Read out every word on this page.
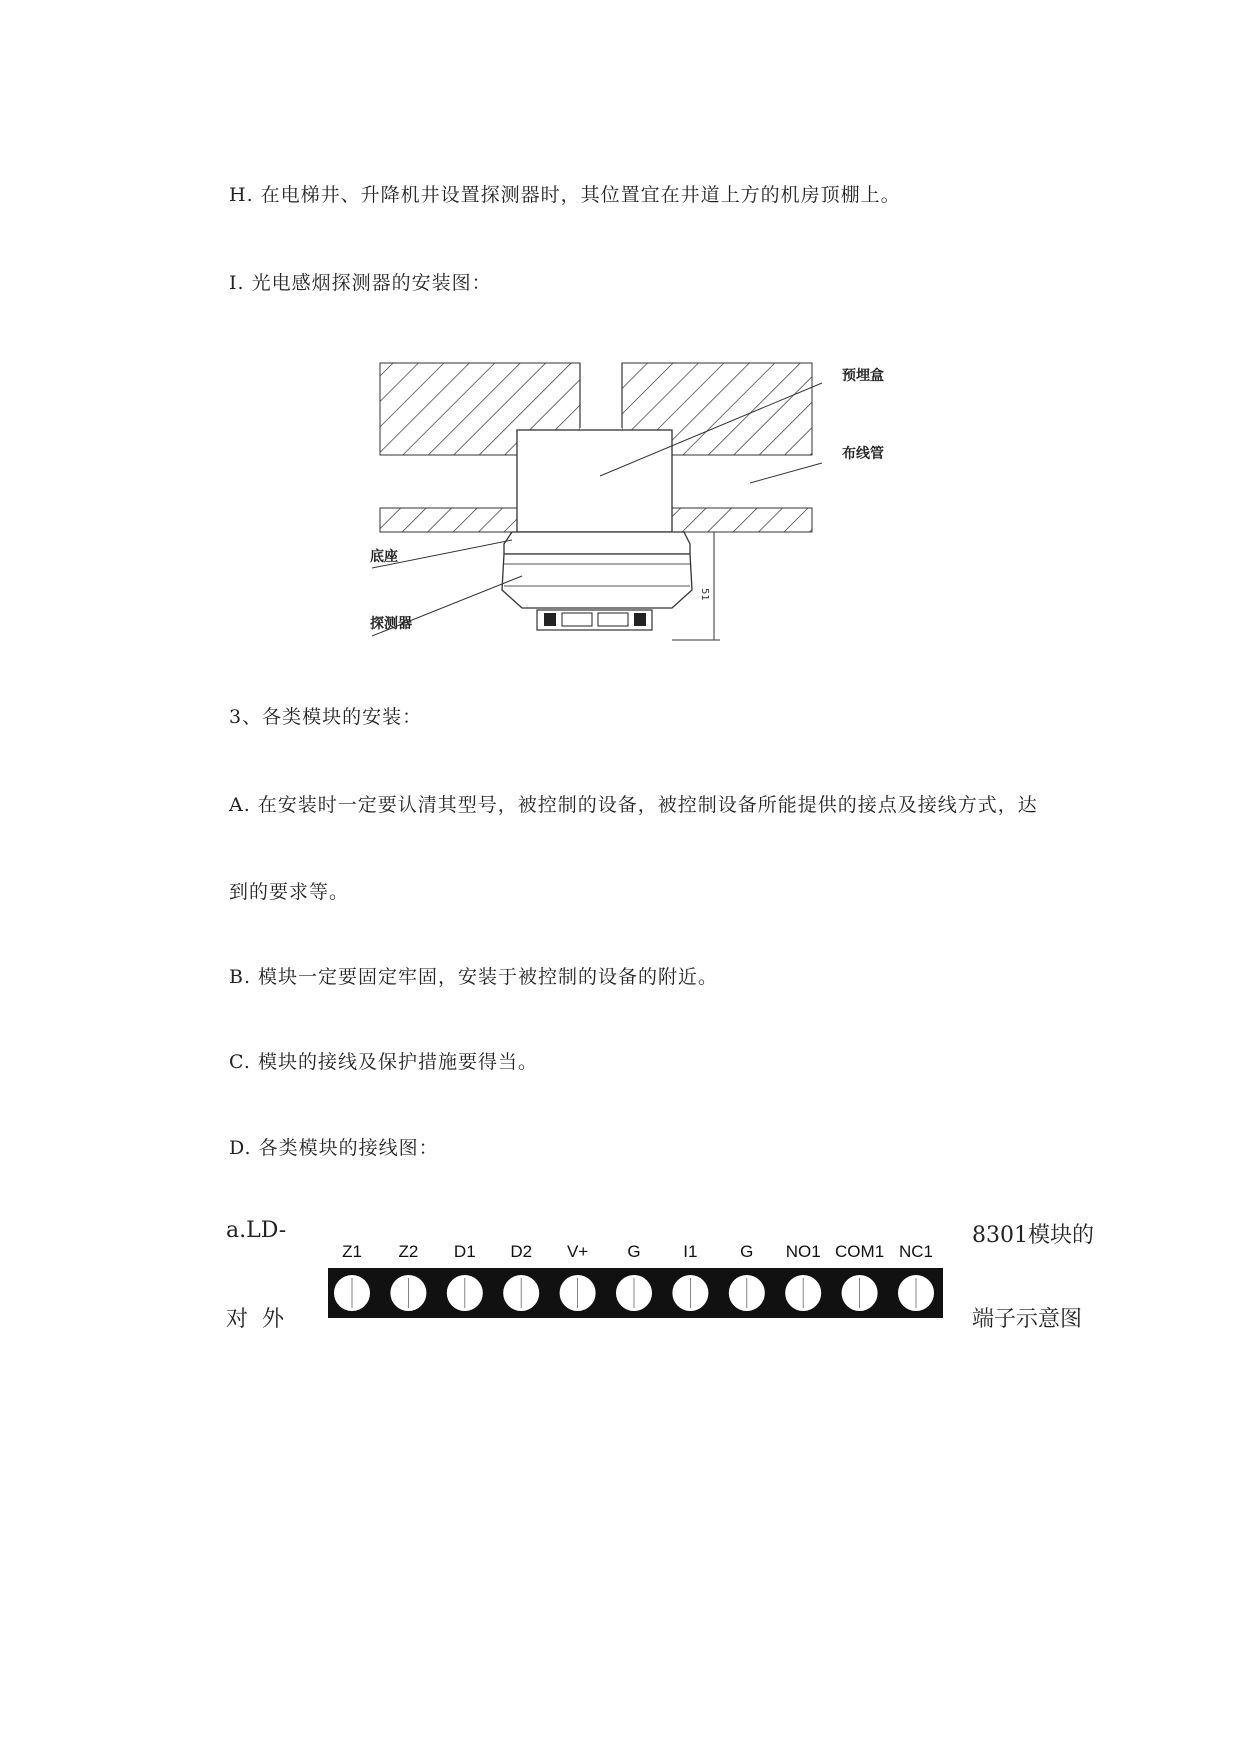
H. 在电梯井、升降机井设置探测器时，其位置宜在井道上方的机房顶棚上。
I. 光电感烟探测器的安装图：
51
预埋盒
布线管
底座
探测器
3、各类模块的安装：
A. 在安装时一定要认清其型号，被控制的设备，被控制设备所能提供的接点及接线方式，达
到的要求等。
B. 模块一定要固定牢固，安装于被控制的设备的附近。
C. 模块的接线及保护措施要得当。
D. 各类模块的接线图：
a.LD-
对  外
8301模块的
端子示意图
Z1 Z2 D1 D2 V+ G	I1	G NO1 COM1 NC1
